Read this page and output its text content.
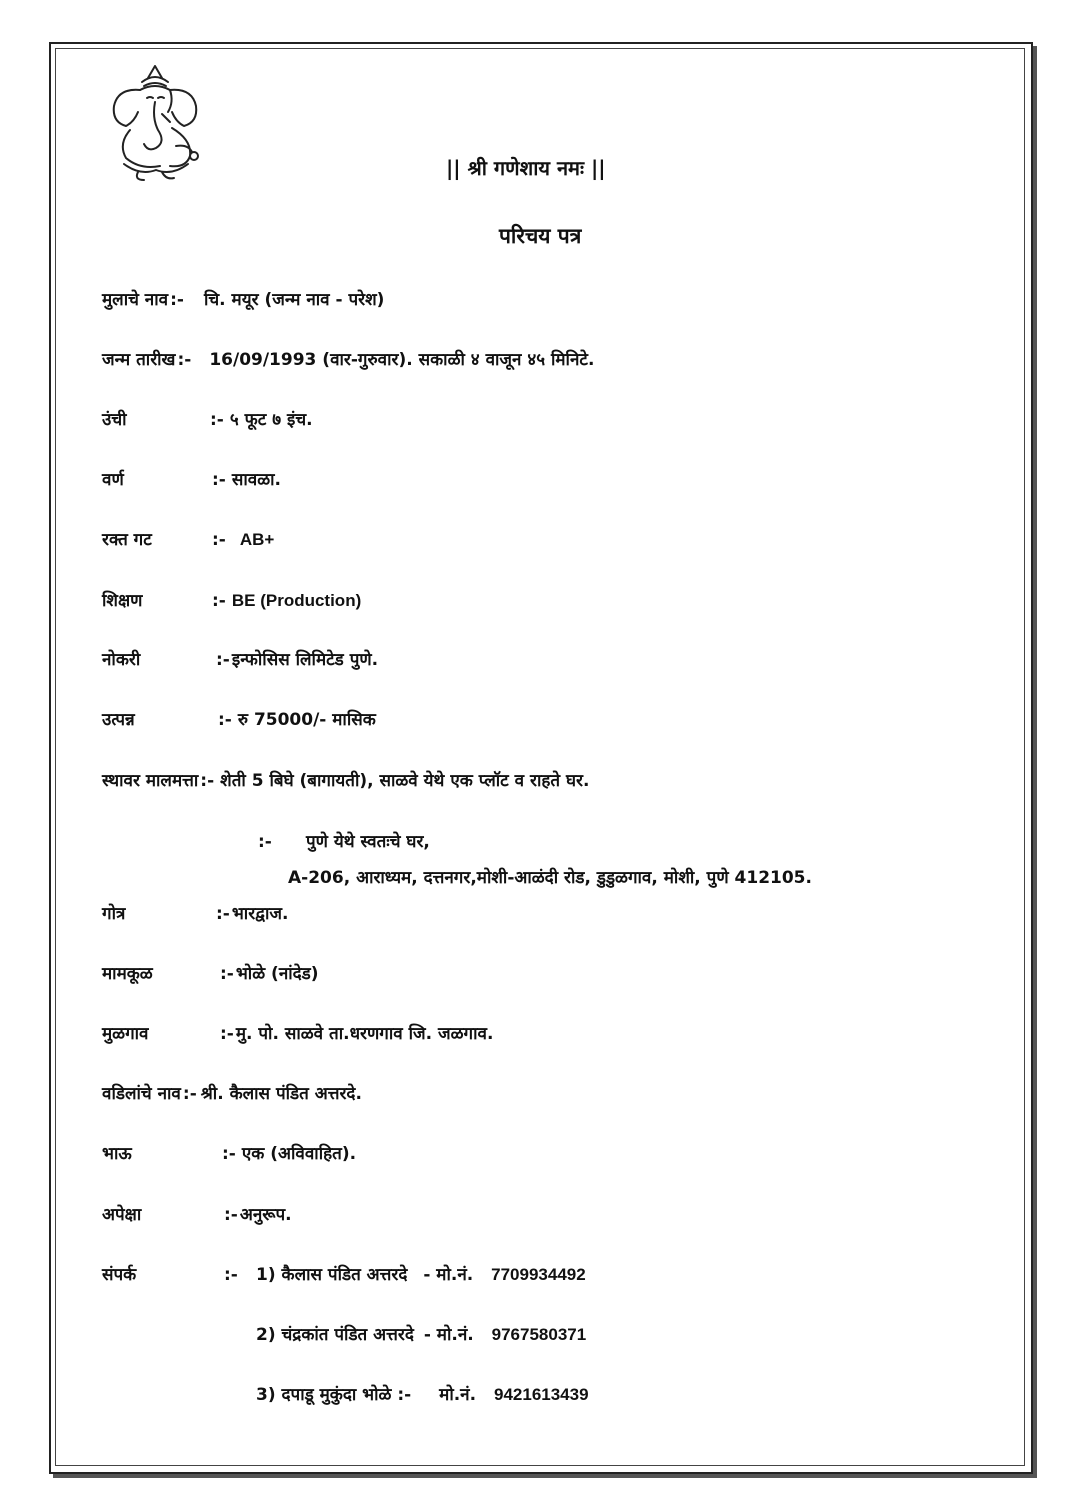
|| श्री गणेशाय नमः ||
परिचय पत्र
मुलाचे नाव :- चि. मयूर (जन्म नाव - परेश)
जन्म तारीख :- 16/09/1993 (वार-गुरुवार). सकाळी ४ वाजून ४५ मिनिटे.
उंची	:- ५ फूट ७ इंच.
वर्ण	:- सावळा.
रक्त गट	:- AB+
शिक्षण	:- BE (Production)
नोकरी	:- इन्फोसिस लिमिटेड पुणे.
उत्पन्न	:- रु 75000/- मासिक
स्थावर मालमत्ता :- शेती 5 बिघे (बागायती), साळवे येथे एक प्लॉट व राहते घर.
:- पुणे येथे स्वतःचे घर,
A-206, आराध्यम, दत्तनगर,मोशी-आळंदी रोड, डुडुळगाव, मोशी, पुणे 412105.
गोत्र	:- भारद्वाज.
मामकूळ	:- भोळे (नांदेड)
मुळगाव	:- मु. पो. साळवे ता.धरणगाव जि. जळगाव.
वडिलांचे नाव :- श्री. कैलास पंडित अत्तरदे.
भाऊ	:- एक (अविवाहित).
अपेक्षा	:- अनुरूप.
संपर्क	:- 1) कैलास पंडित अत्तरदे - मो.नं. 7709934492
2) चंद्रकांत पंडित अत्तरदे - मो.नं. 9767580371
3) दपाडू मुकुंदा भोळे :- मो.नं. 9421613439
